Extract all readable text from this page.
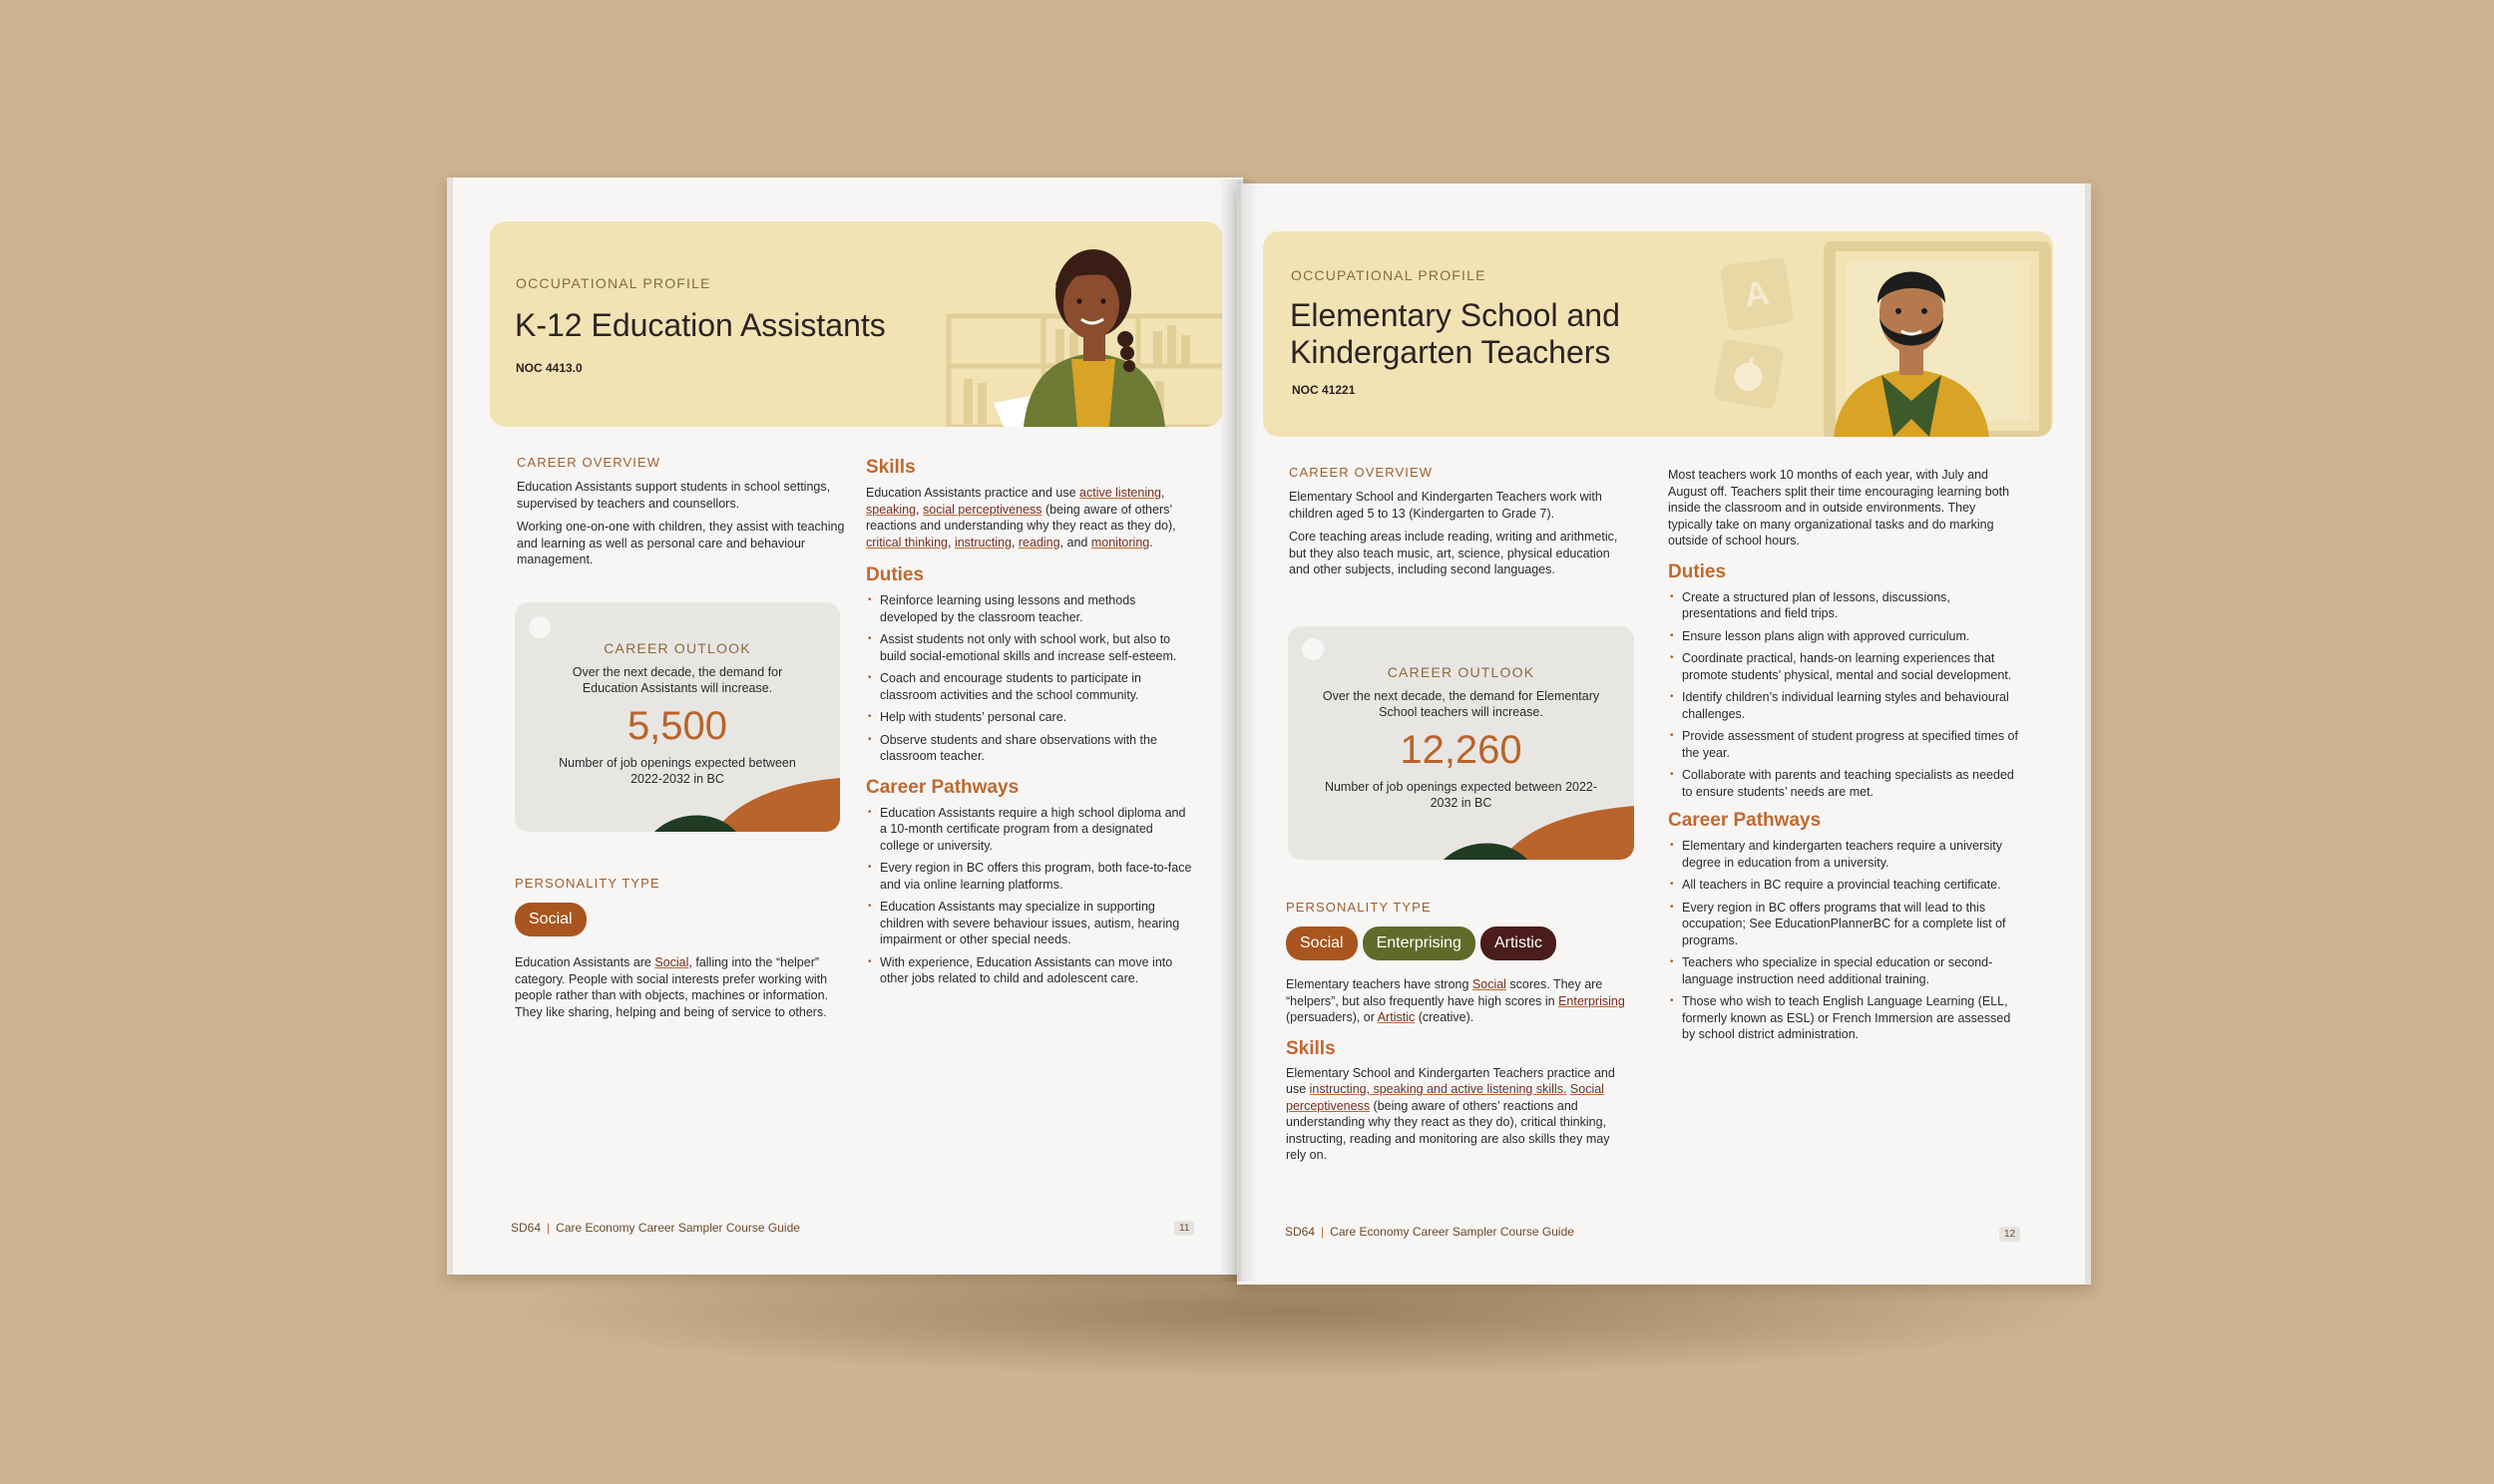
OCCUPATIONAL PROFILE
K-12 Education Assistants
NOC 4413.0
CAREER OVERVIEW

Education Assistants support students in school settings, supervised by teachers and counsellors.

Working one-on-one with children, they assist with teaching and learning as well as personal care and behaviour management.

CAREER OUTLOOK
Over the next decade, the demand for Education Assistants will increase.
5,500
Number of job openings expected between 2022-2032 in BC
PERSONALITY TYPE
Social
Education Assistants are Social, falling into the “helper” category. People with social interests prefer working with people rather than with objects, machines or information. They like sharing, helping and being of service to others.
Skills
Education Assistants practice and use active listening, speaking, social perceptiveness (being aware of others’ reactions and understanding why they react as they do), critical thinking, instructing, reading, and monitoring.
Duties
• Reinforce learning using lessons and methods developed by the classroom teacher.
• Assist students not only with school work, but also to build social-emotional skills and increase self-esteem.
• Coach and encourage students to participate in classroom activities and the school community.
• Help with students’ personal care.
• Observe students and share observations with the classroom teacher.
Career Pathways
• Education Assistants require a high school diploma and a 10-month certificate program from a designated college or university.
• Every region in BC offers this program, both face-to-face and via online learning platforms.
• Education Assistants may specialize in supporting children with severe behaviour issues, autism, hearing impairment or other special needs.
• With experience, Education Assistants can move into other jobs related to child and adolescent care.
SD64 | Care Economy Career Sampler Course Guide	11
A
OCCUPATIONAL PROFILE
Elementary School and
Kindergarten Teachers
NOC 41221
CAREER OVERVIEW

Elementary School and Kindergarten Teachers work with children aged 5 to 13 (Kindergarten to Grade 7).

Core teaching areas include reading, writing and arithmetic, but they also teach music, art, science, physical education and other subjects, including second languages.

CAREER OUTLOOK
Over the next decade, the demand for Elementary School teachers will increase.
12,260
Number of job openings expected between 2022-2032 in BC
PERSONALITY TYPE
Social Enterprising Artistic
Elementary teachers have strong Social scores. They are “helpers”, but also frequently have high scores in Enterprising (persuaders), or Artistic (creative).
Skills
Elementary School and Kindergarten Teachers practice and use instructing, speaking and active listening skills. Social perceptiveness (being aware of others’ reactions and understanding why they react as they do), critical thinking, instructing, reading and monitoring are also skills they may rely on.
Most teachers work 10 months of each year, with July and August off. Teachers split their time encouraging learning both inside the classroom and in outside environments. They typically take on many organizational tasks and do marking outside of school hours.
Duties
• Create a structured plan of lessons, discussions, presentations and field trips.
• Ensure lesson plans align with approved curriculum.
• Coordinate practical, hands-on learning experiences that promote students’ physical, mental and social development.
• Identify children’s individual learning styles and behavioural challenges.
• Provide assessment of student progress at specified times of the year.
• Collaborate with parents and teaching specialists as needed to ensure students’ needs are met.
Career Pathways
• Elementary and kindergarten teachers require a university degree in education from a university.
• All teachers in BC require a provincial teaching certificate.
• Every region in BC offers programs that will lead to this occupation; See EducationPlannerBC for a complete list of programs.
• Teachers who specialize in special education or second-language instruction need additional training.
• Those who wish to teach English Language Learning (ELL, formerly known as ESL) or French Immersion are assessed by school district administration.
SD64 | Care Economy Career Sampler Course Guide	12
